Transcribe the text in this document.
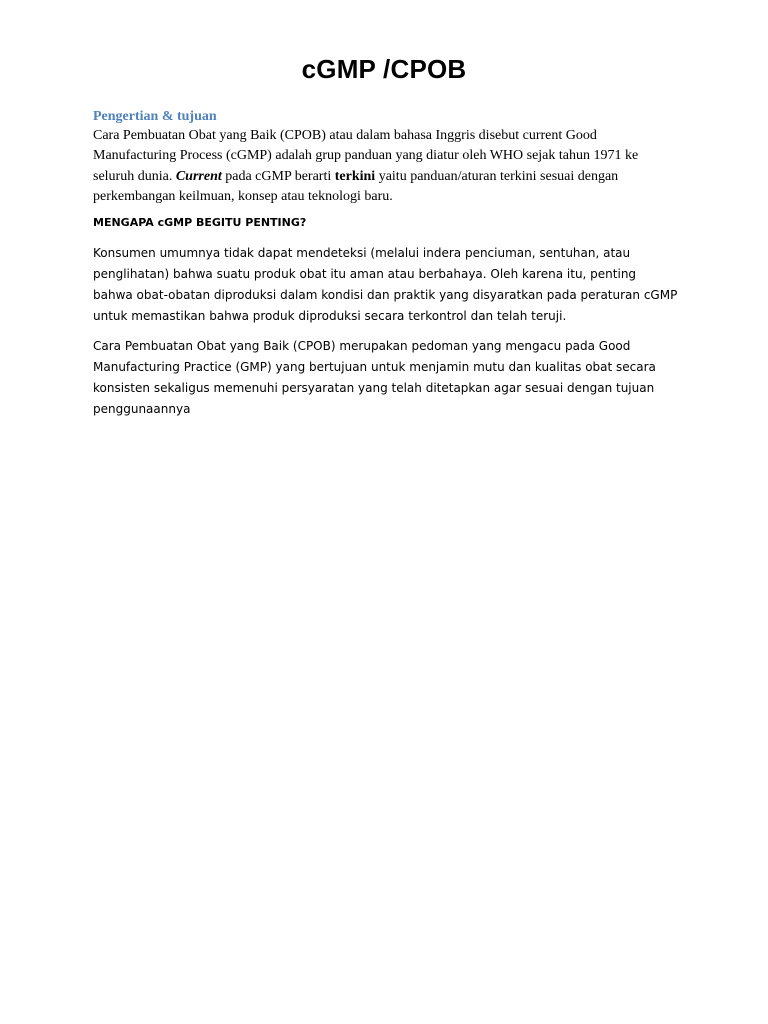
cGMP /CPOB

Pengertian & tujuan

Cara Pembuatan Obat yang Baik (CPOB) atau dalam bahasa Inggris disebut current Good Manufacturing Process (cGMP) adalah grup panduan yang diatur oleh WHO sejak tahun 1971 ke seluruh dunia. Current pada cGMP berarti terkini yaitu panduan/aturan terkini sesuai dengan perkembangan keilmuan, konsep atau teknologi baru.

MENGAPA cGMP BEGITU PENTING?

Konsumen umumnya tidak dapat mendeteksi (melalui indera penciuman, sentuhan, atau penglihatan) bahwa suatu produk obat itu aman atau berbahaya. Oleh karena itu, penting bahwa obat-obatan diproduksi dalam kondisi dan praktik yang disyaratkan pada peraturan cGMP untuk memastikan bahwa produk diproduksi secara terkontrol dan telah teruji.

Cara Pembuatan Obat yang Baik (CPOB) merupakan pedoman yang mengacu pada Good Manufacturing Practice (GMP) yang bertujuan untuk menjamin mutu dan kualitas obat secara konsisten sekaligus memenuhi persyaratan yang telah ditetapkan agar sesuai dengan tujuan penggunaannya
